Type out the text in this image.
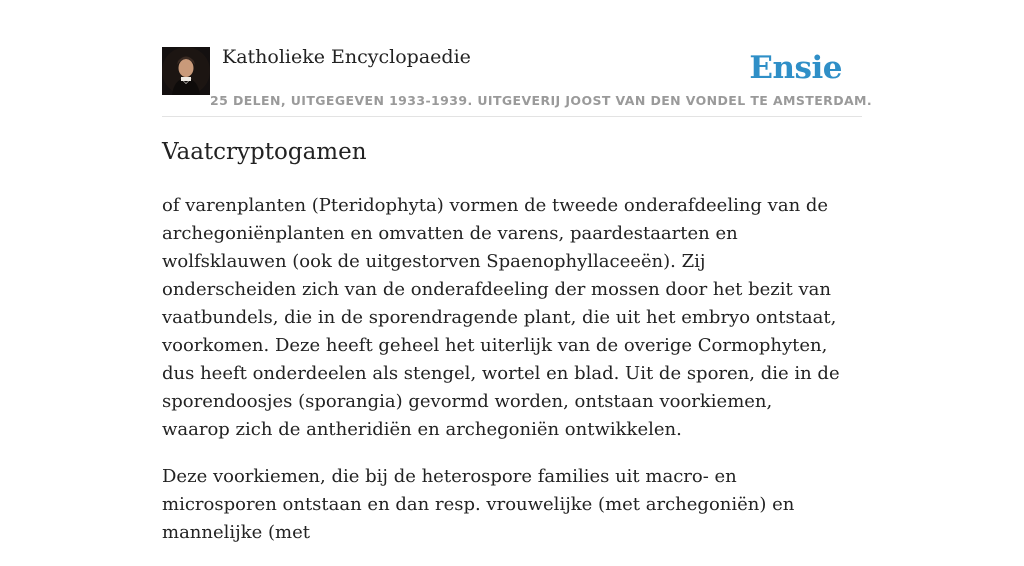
Katholieke Encyclopaedie
25 DELEN, UITGEGEVEN 1933-1939. UITGEVERIJ JOOST VAN DEN VONDEL TE AMSTERDAM.
Ensie
Vaatcryptogamen

of varenplanten (Pteridophyta) vormen de tweede onderafdeeling van de archegoniënplanten en omvatten de varens, paardestaarten en wolfsklauwen (ook de uitgestorven Spaenophyllaceeën). Zij onderscheiden zich van de onderafdeeling der mossen door het bezit van vaatbundels, die in de sporendragende plant, die uit het embryo ontstaat, voorkomen. Deze heeft geheel het uiterlijk van de overige Cormophyten, dus heeft onderdeelen als stengel, wortel en blad. Uit de sporen, die in de sporendoosjes (sporangia) gevormd worden, ontstaan voorkiemen, waarop zich de antheridiën en archegoniën ontwikkelen.

Deze voorkiemen, die bij de heterospore families uit macro- en microsporen ontstaan en dan resp. vrouwelijke (met archegoniën) en mannelijke (met
